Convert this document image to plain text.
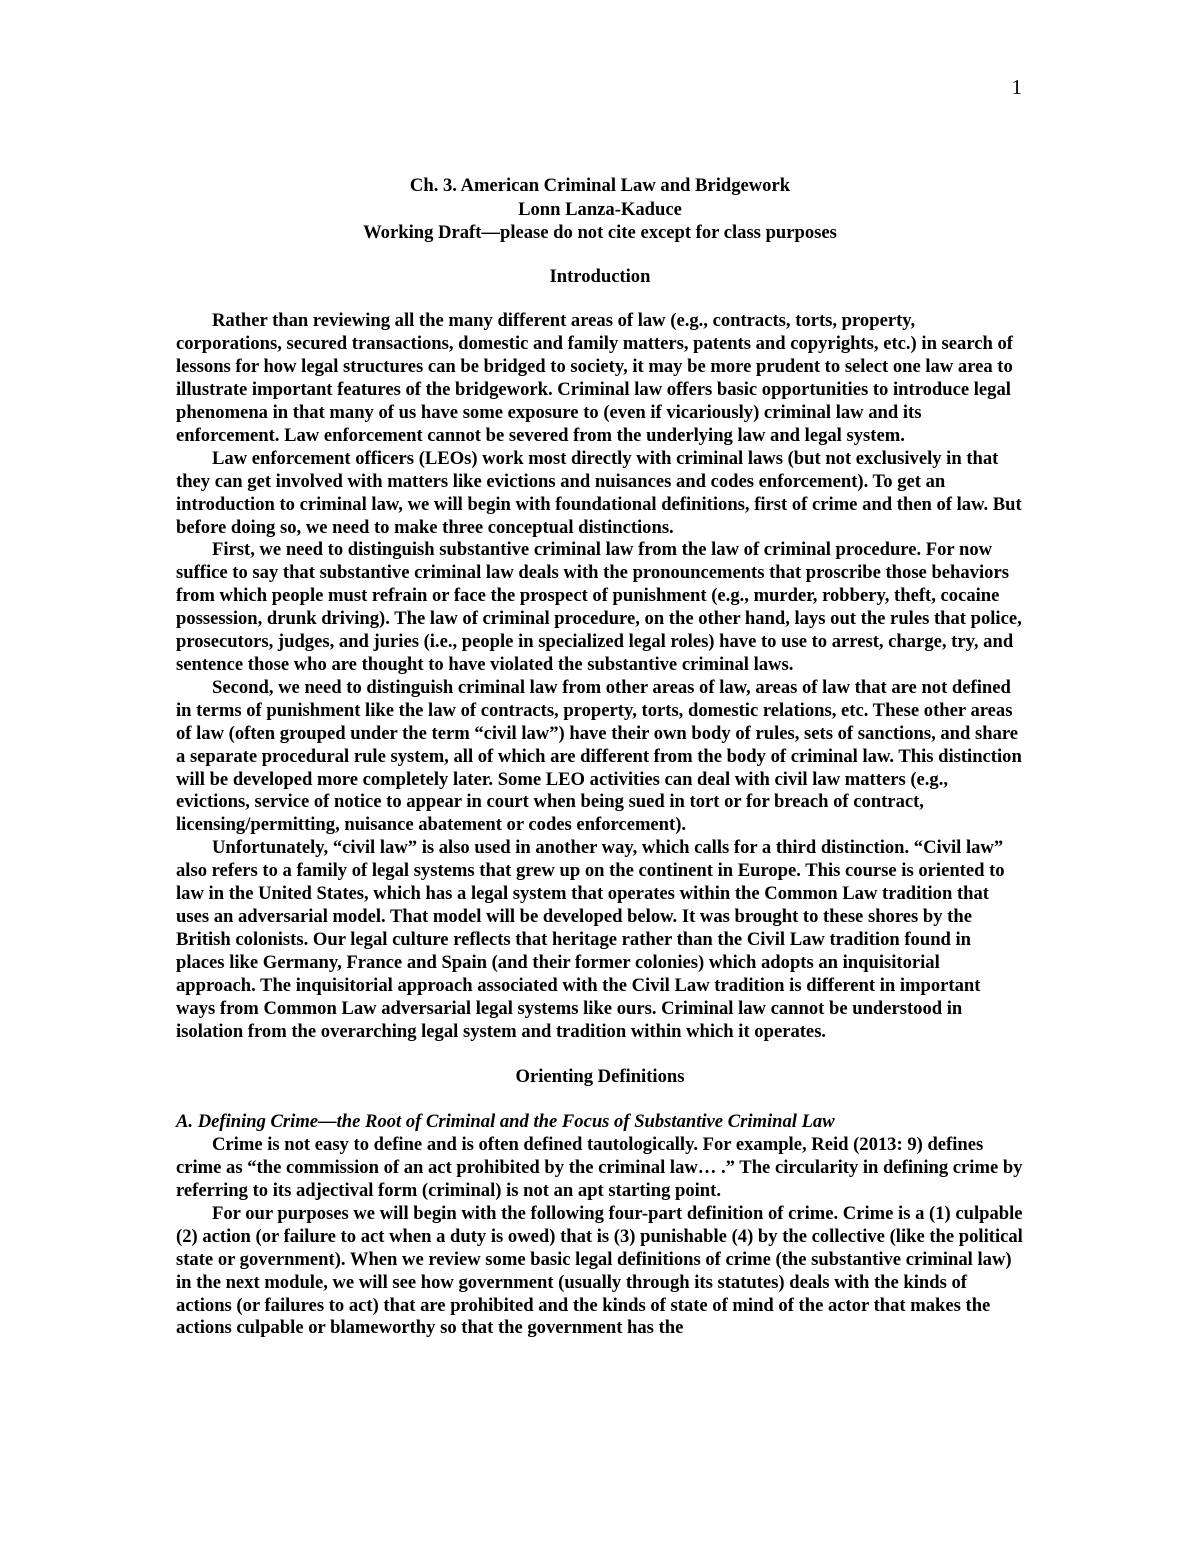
1
Ch. 3. American Criminal Law and Bridgework
Lonn Lanza-Kaduce
Working Draft—please do not cite except for class purposes
Introduction

Rather than reviewing all the many different areas of law (e.g., contracts, torts, property, corporations, secured transactions, domestic and family matters, patents and copyrights, etc.) in search of lessons for how legal structures can be bridged to society, it may be more prudent to select one law area to illustrate important features of the bridgework. Criminal law offers basic opportunities to introduce legal phenomena in that many of us have some exposure to (even if vicariously) criminal law and its enforcement. Law enforcement cannot be severed from the underlying law and legal system.

Law enforcement officers (LEOs) work most directly with criminal laws (but not exclusively in that they can get involved with matters like evictions and nuisances and codes enforcement). To get an introduction to criminal law, we will begin with foundational definitions, first of crime and then of law. But before doing so, we need to make three conceptual distinctions.

First, we need to distinguish substantive criminal law from the law of criminal procedure. For now suffice to say that substantive criminal law deals with the pronouncements that proscribe those behaviors from which people must refrain or face the prospect of punishment (e.g., murder, robbery, theft, cocaine possession, drunk driving). The law of criminal procedure, on the other hand, lays out the rules that police, prosecutors, judges, and juries (i.e., people in specialized legal roles) have to use to arrest, charge, try, and sentence those who are thought to have violated the substantive criminal laws.

Second, we need to distinguish criminal law from other areas of law, areas of law that are not defined in terms of punishment like the law of contracts, property, torts, domestic relations, etc. These other areas of law (often grouped under the term “civil law”) have their own body of rules, sets of sanctions, and share a separate procedural rule system, all of which are different from the body of criminal law. This distinction will be developed more completely later. Some LEO activities can deal with civil law matters (e.g., evictions, service of notice to appear in court when being sued in tort or for breach of contract, licensing/permitting, nuisance abatement or codes enforcement).

Unfortunately, “civil law” is also used in another way, which calls for a third distinction. “Civil law” also refers to a family of legal systems that grew up on the continent in Europe. This course is oriented to law in the United States, which has a legal system that operates within the Common Law tradition that uses an adversarial model. That model will be developed below. It was brought to these shores by the British colonists. Our legal culture reflects that heritage rather than the Civil Law tradition found in places like Germany, France and Spain (and their former colonies) which adopts an inquisitorial approach. The inquisitorial approach associated with the Civil Law tradition is different in important ways from Common Law adversarial legal systems like ours. Criminal law cannot be understood in isolation from the overarching legal system and tradition within which it operates.

Orienting Definitions
A. Defining Crime—the Root of Criminal and the Focus of Substantive Criminal Law

Crime is not easy to define and is often defined tautologically. For example, Reid (2013: 9) defines crime as “the commission of an act prohibited by the criminal law… .” The circularity in defining crime by referring to its adjectival form (criminal) is not an apt starting point.

For our purposes we will begin with the following four-part definition of crime. Crime is a (1) culpable (2) action (or failure to act when a duty is owed) that is (3) punishable (4) by the collective (like the political state or government). When we review some basic legal definitions of crime (the substantive criminal law) in the next module, we will see how government (usually through its statutes) deals with the kinds of actions (or failures to act) that are prohibited and the kinds of state of mind of the actor that makes the actions culpable or blameworthy so that the government has the
